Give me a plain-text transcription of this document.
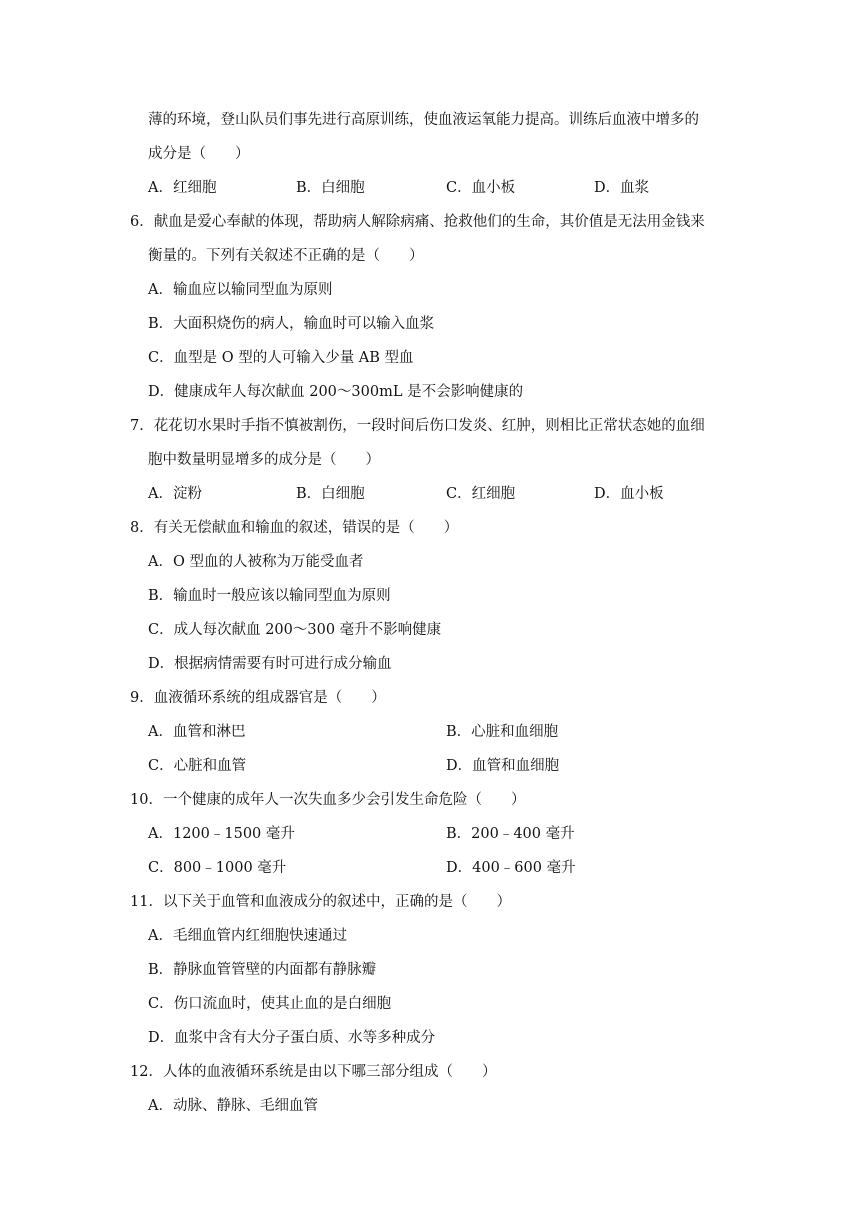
薄的环境，登山队员们事先进行高原训练，使血液运氧能力提高。训练后血液中增多的
成分是（　　）
A．红细胞	B．白细胞	C．血小板	D．血浆
6．献血是爱心奉献的体现，帮助病人解除病痛、抢救他们的生命，其价值是无法用金钱来
衡量的。下列有关叙述不正确的是（　　）
A．输血应以输同型血为原则
B．大面积烧伤的病人，输血时可以输入血浆
C．血型是 O 型的人可输入少量 AB 型血
D．健康成年人每次献血 200～300mL 是不会影响健康的
7．花花切水果时手指不慎被割伤，一段时间后伤口发炎、红肿，则相比正常状态她的血细
胞中数量明显增多的成分是（　　）
A．淀粉	B．白细胞	C．红细胞	D．血小板
8．有关无偿献血和输血的叙述，错误的是（　　）
A．O 型血的人被称为万能受血者
B．输血时一般应该以输同型血为原则
C．成人每次献血 200～300 毫升不影响健康
D．根据病情需要有时可进行成分输血
9．血液循环系统的组成器官是（　　）
A．血管和淋巴	B．心脏和血细胞
C．心脏和血管	D．血管和血细胞
10．一个健康的成年人一次失血多少会引发生命危险（　　）
A．1200﹣1500 毫升	B．200﹣400 毫升
C．800﹣1000 毫升	D．400﹣600 毫升
11．以下关于血管和血液成分的叙述中，正确的是（　　）
A．毛细血管内红细胞快速通过
B．静脉血管管壁的内面都有静脉瓣
C．伤口流血时，使其止血的是白细胞
D．血浆中含有大分子蛋白质、水等多种成分
12．人体的血液循环系统是由以下哪三部分组成（　　）
A．动脉、静脉、毛细血管
